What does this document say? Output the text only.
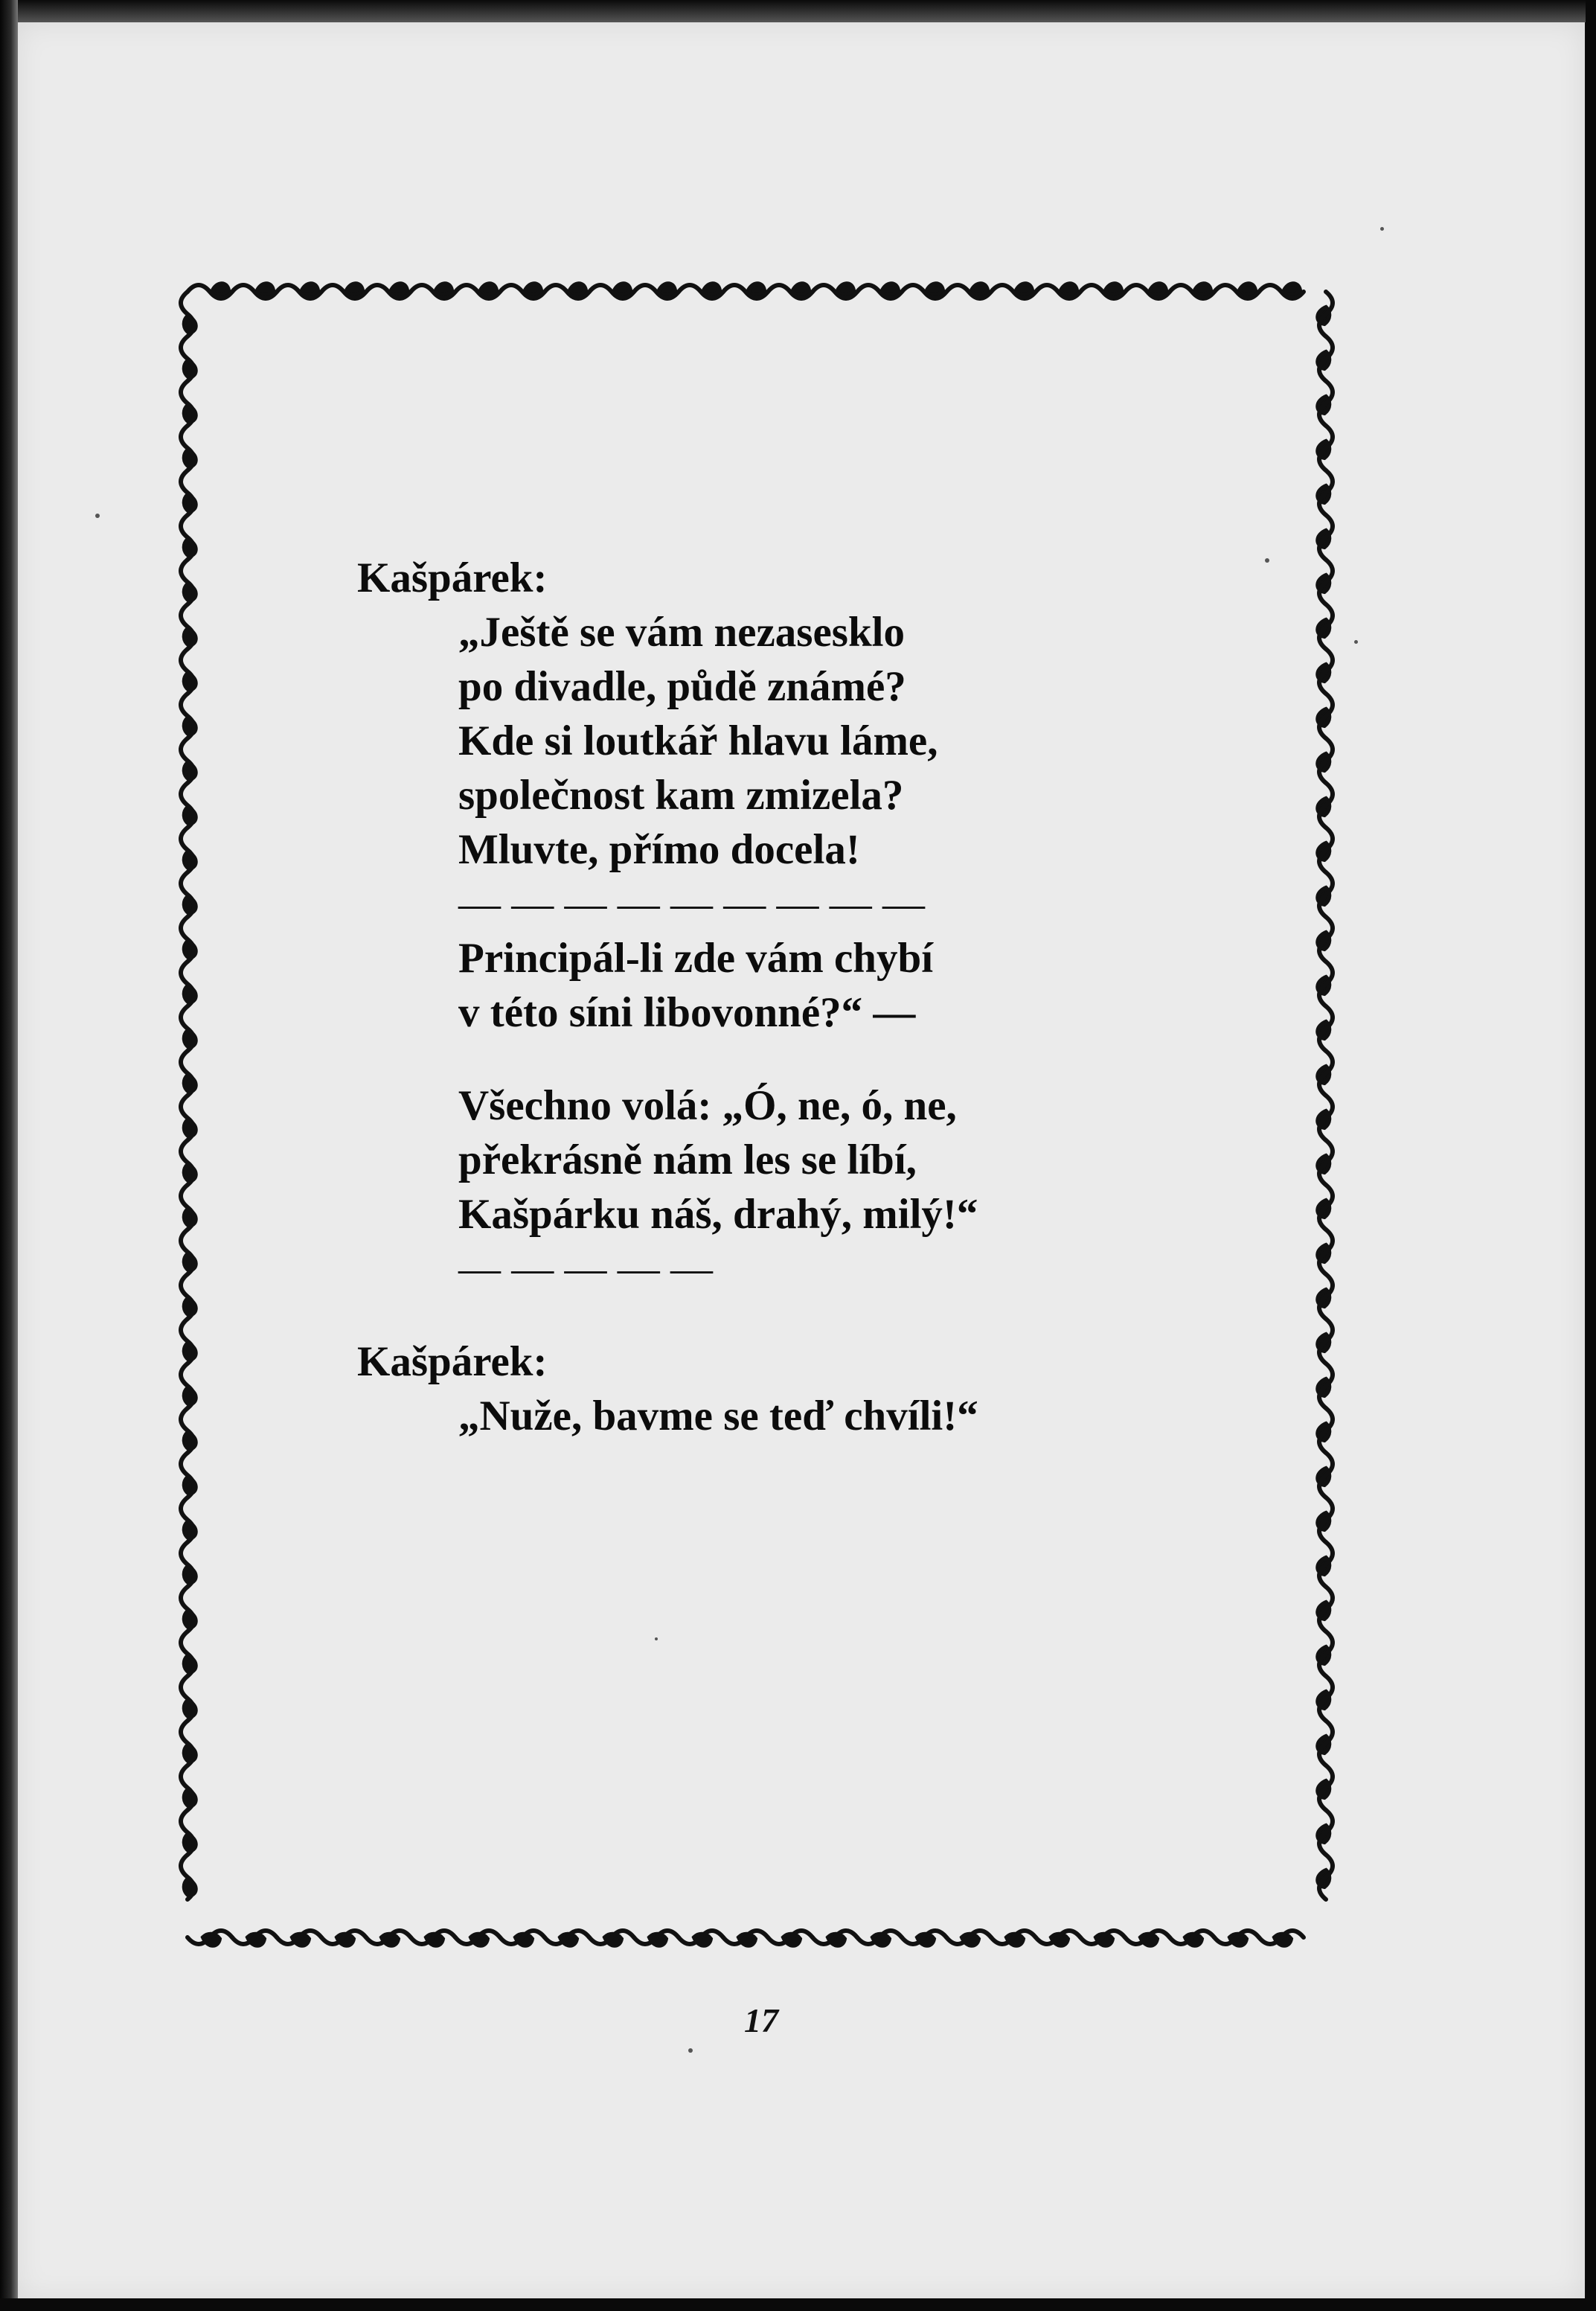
Kašpárek:
„Ještě se vám nezasesklo
po divadle, půdě známé?
Kde si loutkář hlavu láme,
společnost kam zmizela?
Mluvte, přímo docela!
— — — — — — — — —
Principál-li zde vám chybí
v této síni libovonné?“ —
Všechno volá: „Ó, ne, ó, ne,
překrásně nám les se líbí,
Kašpárku náš, drahý, milý!“
— — — — —
Kašpárek:
„Nuže, bavme se teď chvíli!“
17
